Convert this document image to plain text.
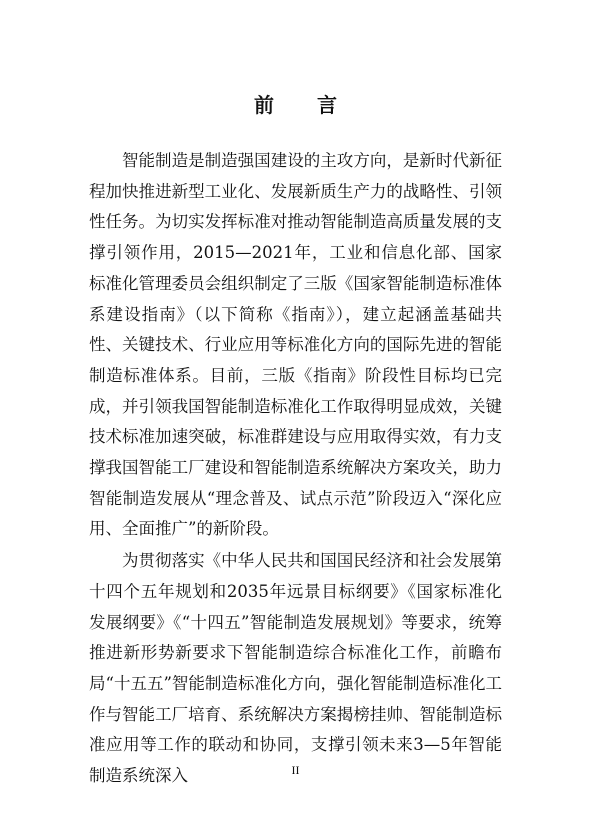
前 言

智能制造是制造强国建设的主攻方向，是新时代新征程加快推进新型工业化、发展新质生产力的战略性、引领性任务。为切实发挥标准对推动智能制造高质量发展的支撑引领作用，2015—2021年，工业和信息化部、国家标准化管理委员会组织制定了三版《国家智能制造标准体系建设指南》（以下简称《指南》），建立起涵盖基础共性、关键技术、行业应用等标准化方向的国际先进的智能制造标准体系。目前，三版《指南》阶段性目标均已完成，并引领我国智能制造标准化工作取得明显成效，关键技术标准加速突破，标准群建设与应用取得实效，有力支撑我国智能工厂建设和智能制造系统解决方案攻关，助力智能制造发展从“理念普及、试点示范”阶段迈入“深化应用、全面推广”的新阶段。

为贯彻落实《中华人民共和国国民经济和社会发展第十四个五年规划和2035年远景目标纲要》《国家标准化发展纲要》《“十四五”智能制造发展规划》等要求，统筹推进新形势新要求下智能制造综合标准化工作，前瞻布局“十五五”智能制造标准化方向，强化智能制造标准化工作与智能工厂培育、系统解决方案揭榜挂帅、智能制造标准应用等工作的联动和协同，支撑引领未来3—5年智能制造系统深入	II
